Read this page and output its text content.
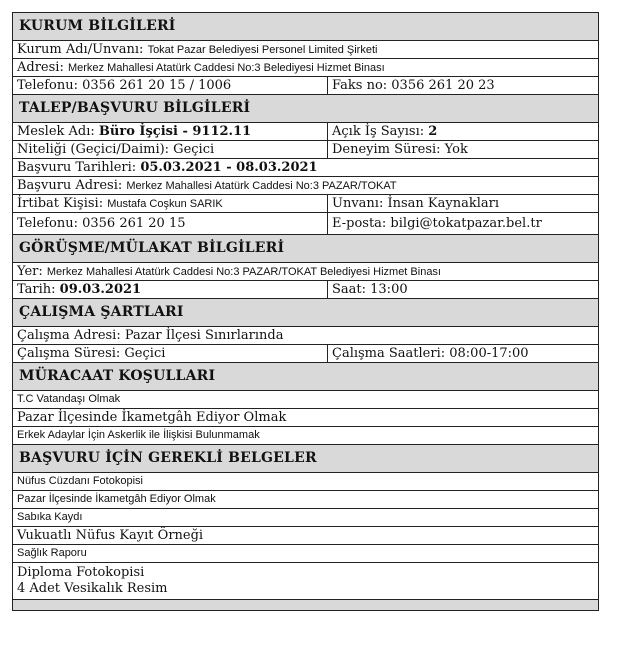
KURUM BİLGİLERİ
Kurum Adı/Unvanı: Tokat Pazar Belediyesi Personel Limited Şirketi
Adresi: Merkez Mahallesi Atatürk Caddesi No:3 Belediyesi Hizmet Binası
Telefonu: 0356 261 20 15 / 1006	Faks no: 0356 261 20 23
TALEP/BAŞVURU BİLGİLERİ
Meslek Adı: Büro İşçisi - 9112.11	Açık İş Sayısı: 2
Niteliği (Geçici/Daimi): Geçici	Deneyim Süresi: Yok
Başvuru Tarihleri: 05.03.2021 - 08.03.2021
Başvuru Adresi: Merkez Mahallesi Atatürk Caddesi No:3 PAZAR/TOKAT
İrtibat Kişisi: Mustafa Coşkun SARIK	Unvanı: İnsan Kaynakları
Telefonu: 0356 261 20 15	E-posta: bilgi@tokatpazar.bel.tr
GÖRÜŞME/MÜLAKAT BİLGİLERİ
Yer: Merkez Mahallesi Atatürk Caddesi No:3 PAZAR/TOKAT Belediyesi Hizmet Binası
Tarih: 09.03.2021	Saat: 13:00
ÇALIŞMA ŞARTLARI
Çalışma Adresi: Pazar İlçesi Sınırlarında
Çalışma Süresi: Geçici	Çalışma Saatleri: 08:00-17:00
MÜRACAAT KOŞULLARI
T.C Vatandaşı Olmak
Pazar İlçesinde İkametgâh Ediyor Olmak
Erkek Adaylar İçin Askerlik ile İlişkisi Bulunmamak
BAŞVURU İÇİN GEREKLİ BELGELER
Nüfus Cüzdanı Fotokopisi
Pazar İlçesinde İkametgâh Ediyor Olmak
Sabıka Kaydı
Vukuatlı Nüfus Kayıt Örneği
Sağlık Raporu
Diploma Fotokopisi
4 Adet Vesikalık Resim
